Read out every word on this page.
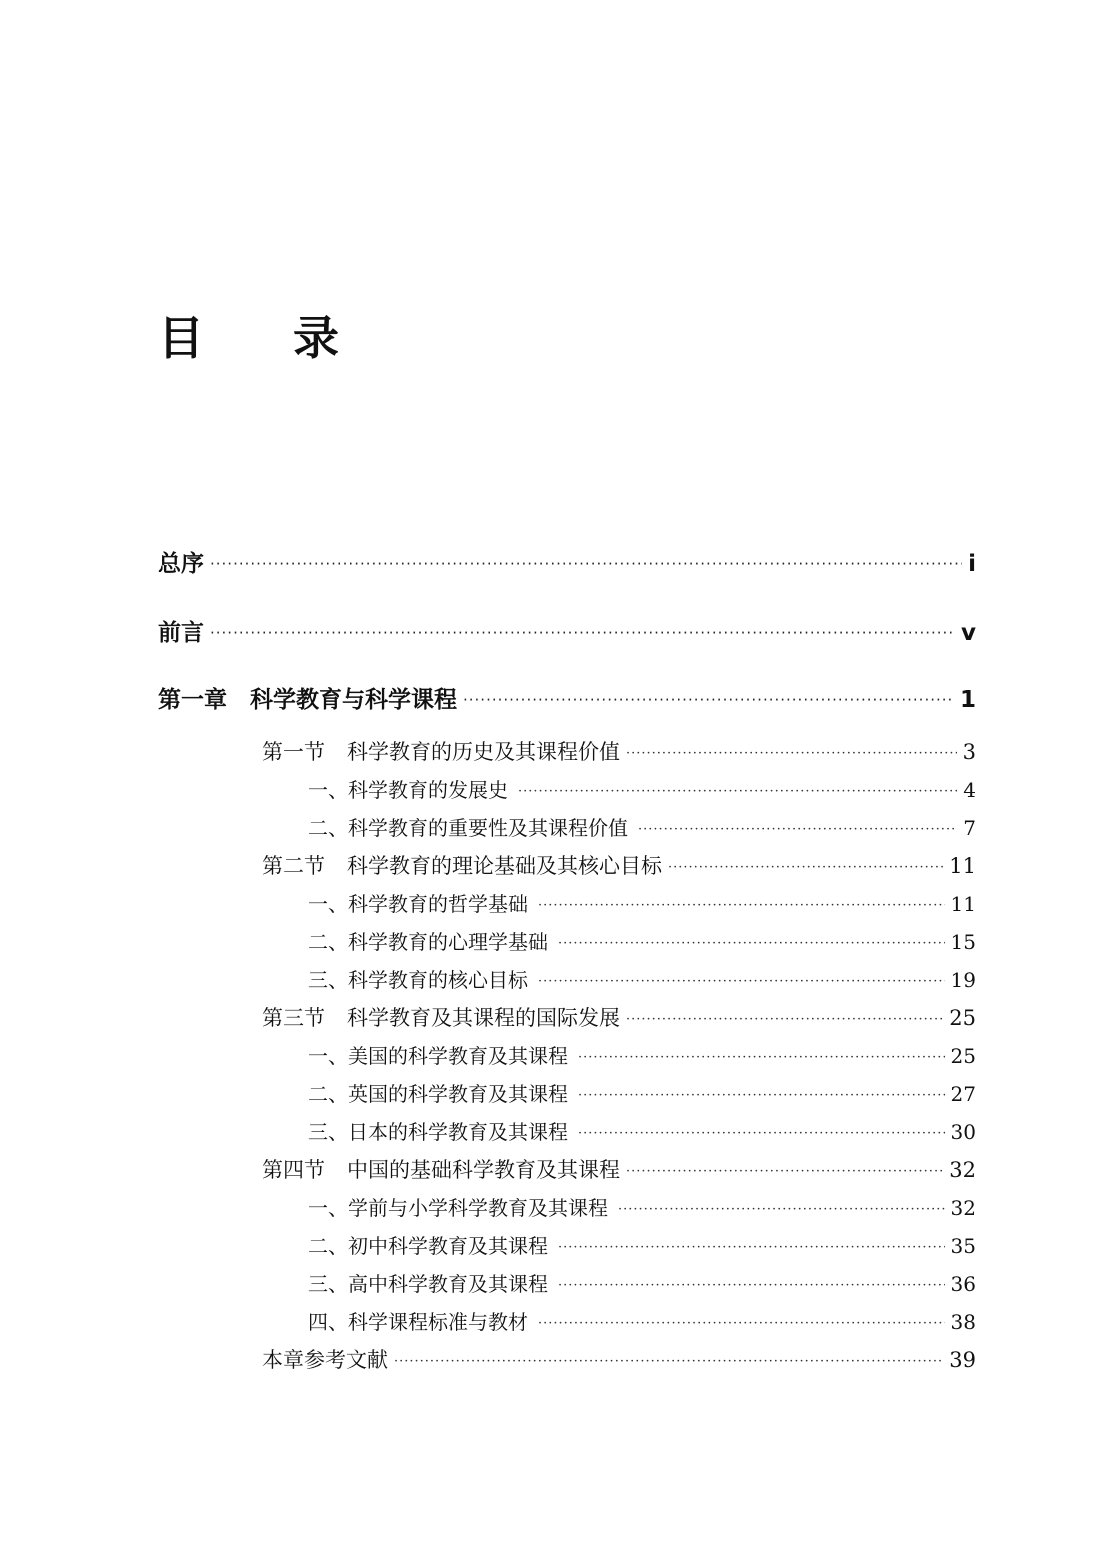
目 录
总序 ·····	i
前言 ·····	v
第一章　科学教育与科学课程 ·····	1
第一节 科学教育的历史及其课程价值 ·····	3
一、科学教育的发展史 ·····	4
二、科学教育的重要性及其课程价值 ·····	7
第二节 科学教育的理论基础及其核心目标 ·····	11
一、科学教育的哲学基础 ·····	11
二、科学教育的心理学基础 ·····	15
三、科学教育的核心目标 ·····	19
第三节 科学教育及其课程的国际发展 ·····	25
一、美国的科学教育及其课程 ·····	25
二、英国的科学教育及其课程 ·····	27
三、日本的科学教育及其课程 ·····	30
第四节 中国的基础科学教育及其课程 ·····	32
一、学前与小学科学教育及其课程 ·····	32
二、初中科学教育及其课程 ·····	35
三、高中科学教育及其课程 ·····	36
四、科学课程标准与教材 ·····	38
本章参考文献 ·····	39
